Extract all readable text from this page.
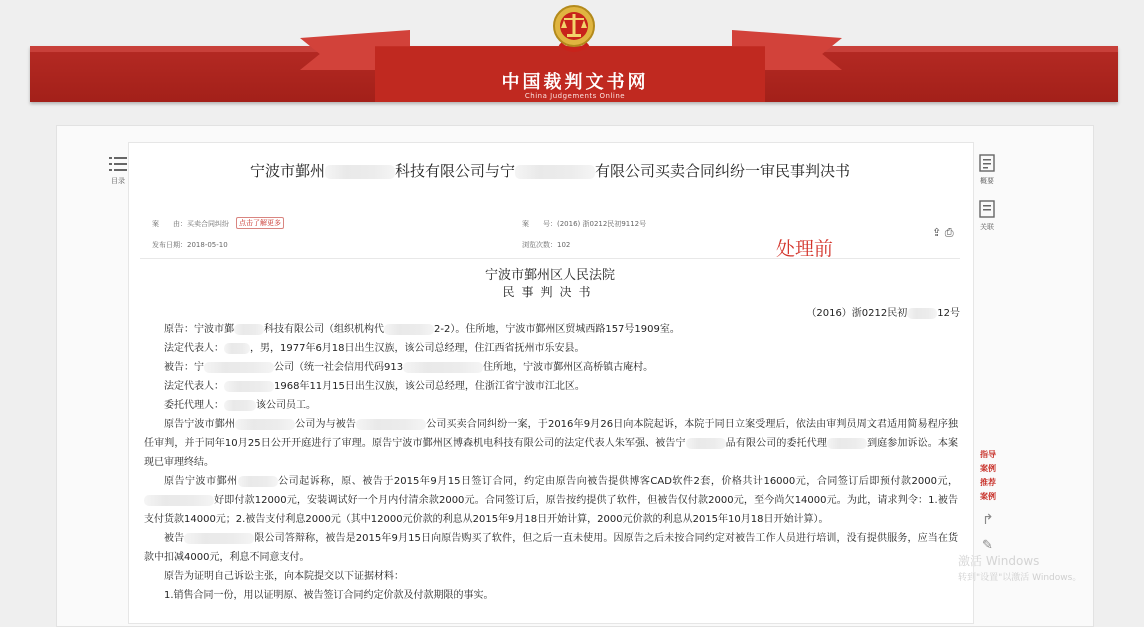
中国裁判文书网
China Judgements Online
宁波市鄞州	科技有限公司与宁	有限公司买卖合同纠纷一审民事判决书
案　　由：买卖合同纠纷	点击了解更多	案　　号：(2016) 浙0212民初9112号
发布日期：2018-05-10	浏览次数：102
⇪ ⎙
处理前
宁波市鄞州区人民法院
民事判决书
（2016）浙0212民初	12号

原告：宁波市鄞	科技有限公司（组织机构代	2-2）。住所地，宁波市鄞州区贸城西路157号1909室。

法定代表人：	，男，1977年6月18日出生汉族，该公司总经理，住江西省抚州市乐安县。

被告：宁	公司（统一社会信用代码913	住所地，宁波市鄞州区高桥镇古庵村。

法定代表人：	1968年11月15日出生汉族，该公司总经理，住浙江省宁波市江北区。

委托代理人：	该公司员工。

原告宁波市鄞州	公司为与被告	公司买卖合同纠纷一案，于2016年9月26日向本院起诉，本院于同日立案受理后，依法由审判员周文君适用简易程序独任审判，并于同年10月25日公开开庭进行了审理。原告宁波市鄞州区博森机电科技有限公司的法定代表人朱军强、被告宁	品有限公司的委托代理	到庭参加诉讼。本案现已审理终结。

原告宁波市鄞州	公司起诉称，原、被告于2015年9月15日签订合同，约定由原告向被告提供博客CAD软件2套，价格共计16000元，合同签订后即预付款2000元，好即付款12000元，安装调试好一个月内付清余款2000元。合同签订后，原告按约提供了软件，但被告仅付款2000元，至今尚欠14000元。为此，请求判令：1.被告支付货款14000元；2.被告支付利息2000元（其中12000元价款的利息从2015年9月18日开始计算，2000元价款的利息从2015年10月18日开始计算）。

被告	限公司答辩称，被告是2015年9月15日向原告购买了软件，但之后一直未使用。因原告之后未按合同约定对被告工作人员进行培训，没有提供服务，应当在货款中扣减4000元，利息不同意支付。

原告为证明自己诉讼主张，向本院提交以下证据材料：

1.销售合同一份，用以证明原、被告签订合同约定价款及付款期限的事实。

目录	概要
关联
指导
案例
推荐
案例
↱
✎
激活 Windows
转到"设置"以激活 Windows。
